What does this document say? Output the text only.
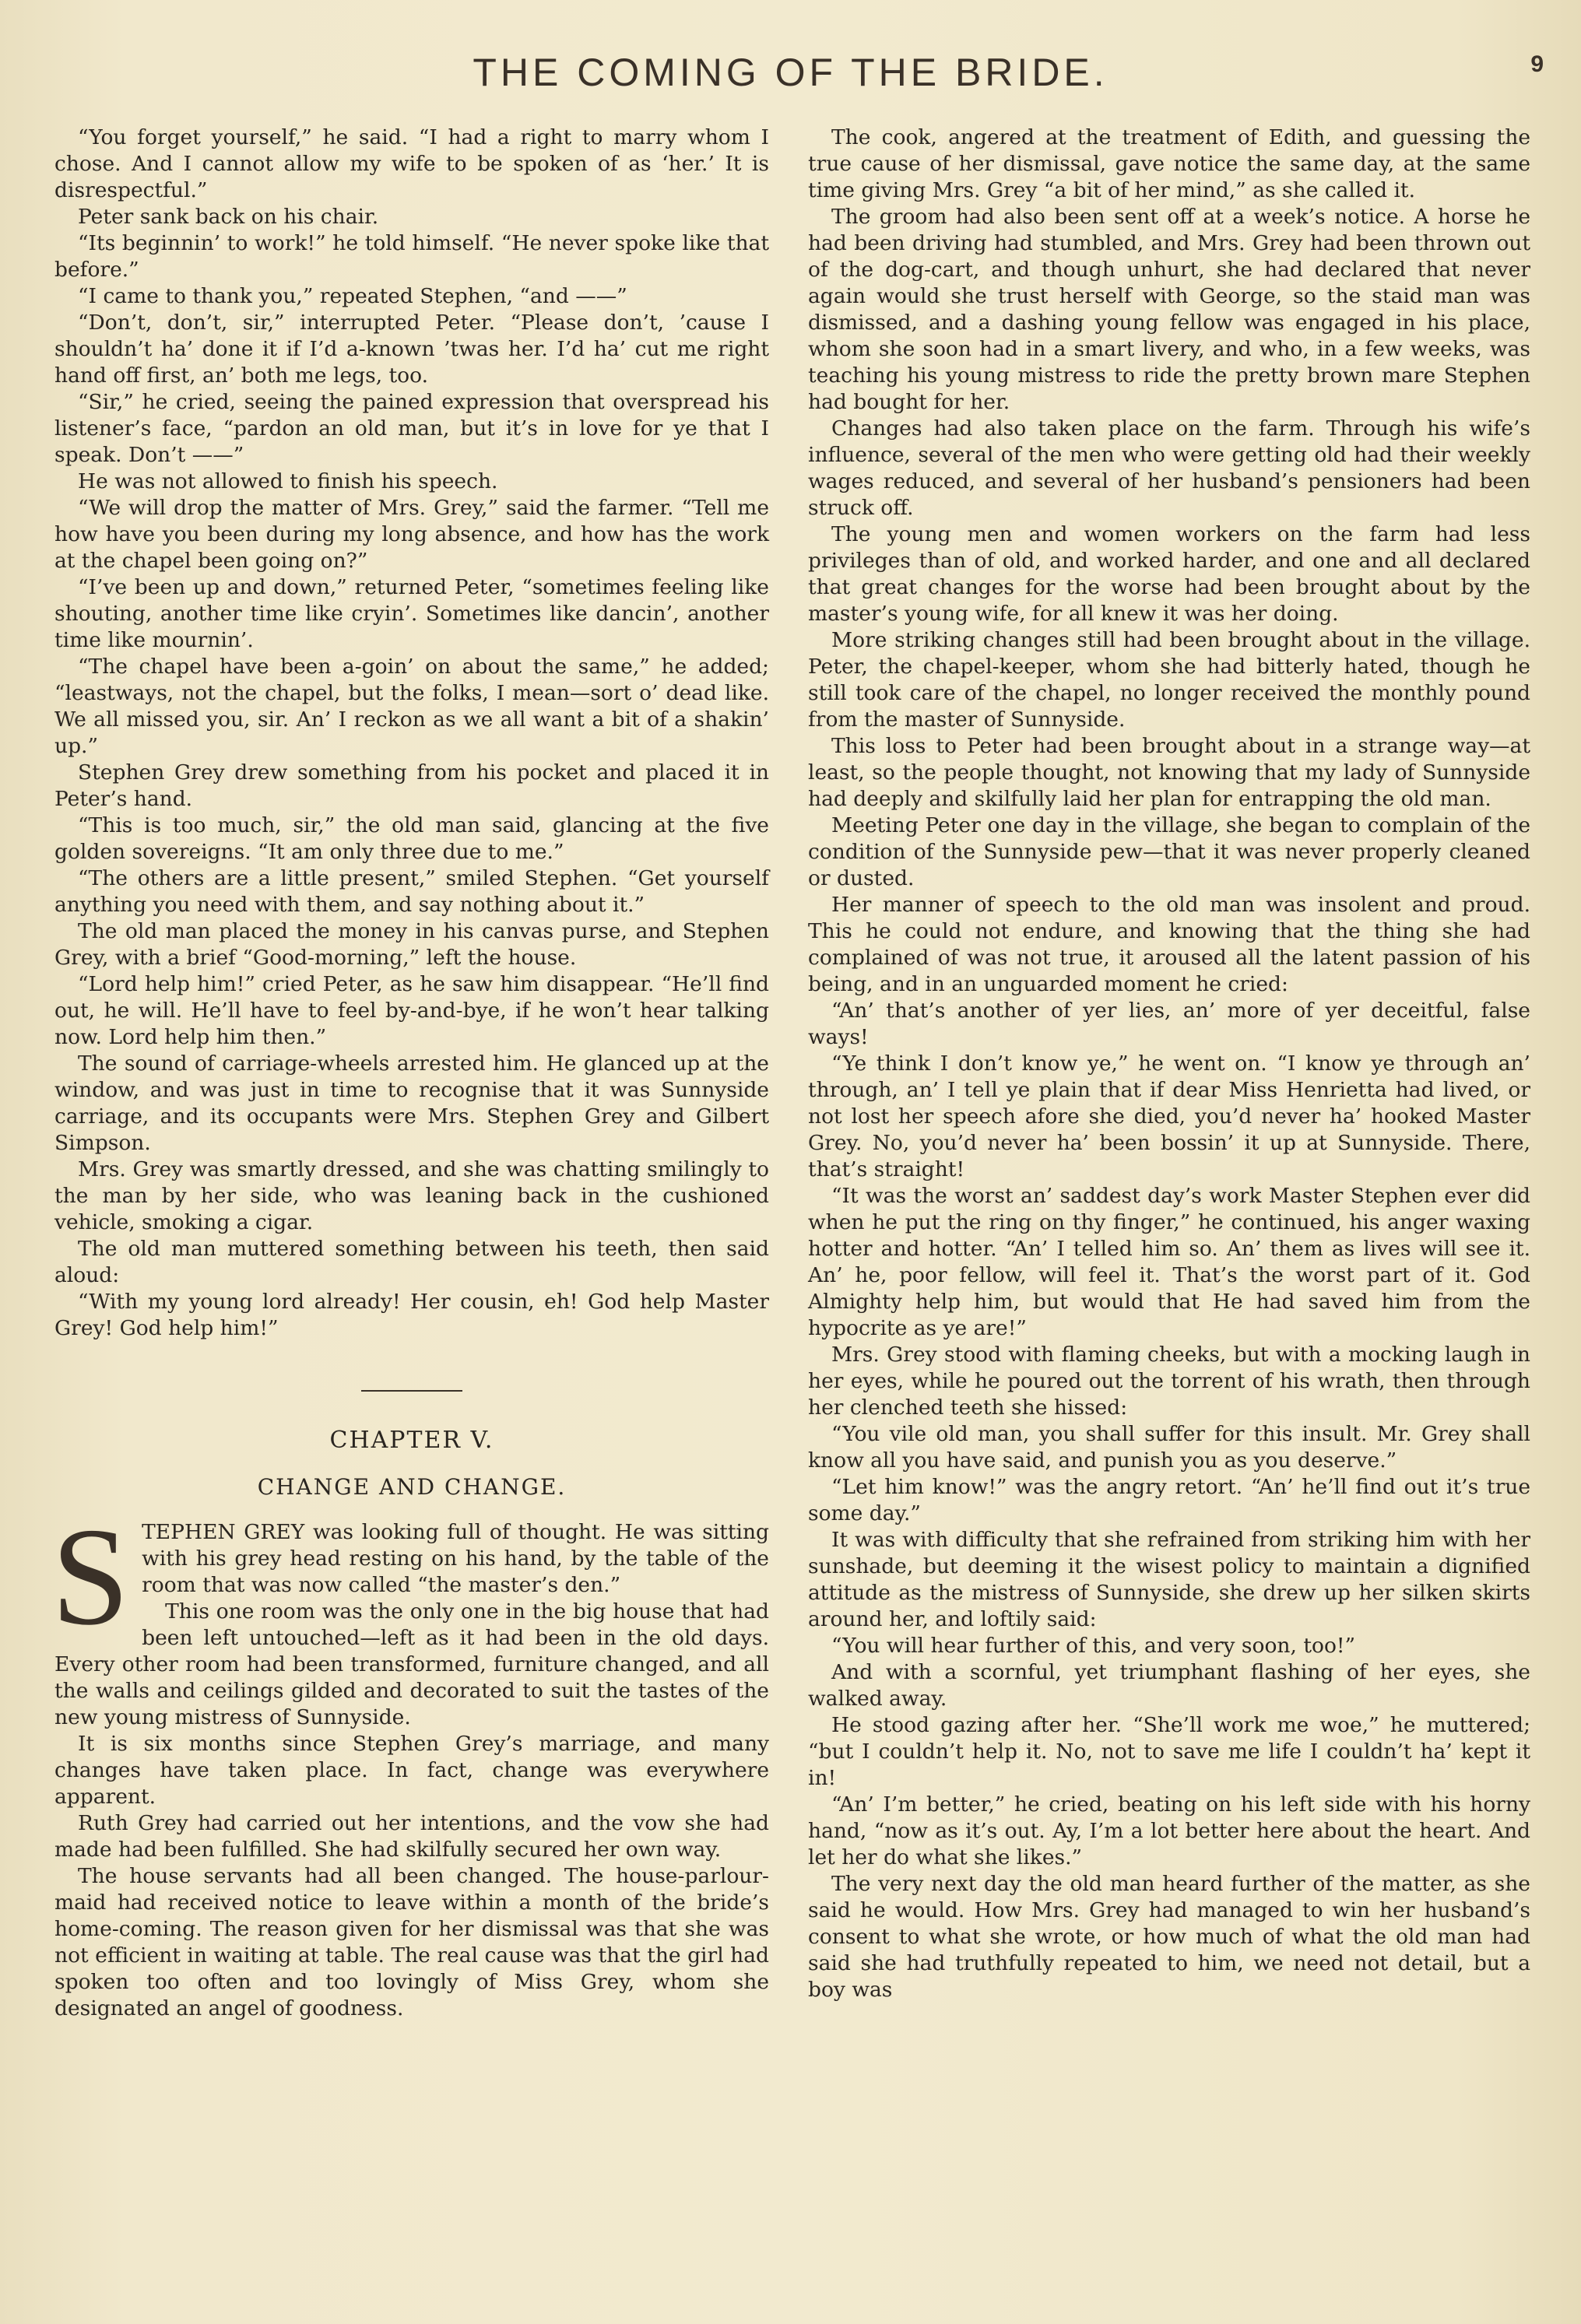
THE COMING OF THE BRIDE.	9

“You forget yourself,” he said. “I had a right to marry whom I chose. And I cannot allow my wife to be spoken of as ‘her.’ It is disrespectful.”

Peter sank back on his chair.

“Its beginnin’ to work!” he told himself. “He never spoke like that before.”

“I came to thank you,” repeated Stephen, “and ——”

“Don’t, don’t, sir,” interrupted Peter. “Please don’t, ’cause I shouldn’t ha’ done it if I’d a-known ’twas her. I’d ha’ cut me right hand off first, an’ both me legs, too.

“Sir,” he cried, seeing the pained expression that overspread his listener’s face, “pardon an old man, but it’s in love for ye that I speak. Don’t ——”

He was not allowed to finish his speech.

“We will drop the matter of Mrs. Grey,” said the farmer. “Tell me how have you been during my long absence, and how has the work at the chapel been going on?”

“I’ve been up and down,” returned Peter, “sometimes feeling like shouting, another time like cryin’. Sometimes like dancin’, another time like mournin’.

“The chapel have been a-goin’ on about the same,” he added; “leastways, not the chapel, but the folks, I mean—sort o’ dead like. We all missed you, sir. An’ I reckon as we all want a bit of a shakin’ up.”

Stephen Grey drew something from his pocket and placed it in Peter’s hand.

“This is too much, sir,” the old man said, glancing at the five golden sovereigns. “It am only three due to me.”

“The others are a little present,” smiled Stephen. “Get yourself anything you need with them, and say nothing about it.”

The old man placed the money in his canvas purse, and Stephen Grey, with a brief “Good-morning,” left the house.

“Lord help him!” cried Peter, as he saw him disappear. “He’ll find out, he will. He’ll have to feel by-and-bye, if he won’t hear talking now. Lord help him then.”

The sound of carriage-wheels arrested him. He glanced up at the window, and was just in time to recognise that it was Sunnyside carriage, and its occupants were Mrs. Stephen Grey and Gilbert Simpson.

Mrs. Grey was smartly dressed, and she was chatting smilingly to the man by her side, who was leaning back in the cushioned vehicle, smoking a cigar.

The old man muttered something between his teeth, then said aloud:

“With my young lord already! Her cousin, eh! God help Master Grey! God help him!”

CHAPTER V.
CHANGE AND CHANGE.

STEPHEN GREY was looking full of thought. He was sitting with his grey head resting on his hand, by the table of the room that was now called “the master’s den.”

This one room was the only one in the big house that had been left untouched—left as it had been in the old days. Every other room had been transformed, furniture changed, and all the walls and ceilings gilded and decorated to suit the tastes of the new young mistress of Sunnyside.

It is six months since Stephen Grey’s marriage, and many changes have taken place. In fact, change was everywhere apparent.

Ruth Grey had carried out her intentions, and the vow she had made had been fulfilled. She had skilfully secured her own way.

The house servants had all been changed. The house-parlour-maid had received notice to leave within a month of the bride’s home-coming. The reason given for her dismissal was that she was not efficient in waiting at table. The real cause was that the girl had spoken too often and too lovingly of Miss Grey, whom she designated an angel of goodness.

The cook, angered at the treatment of Edith, and guessing the true cause of her dismissal, gave notice the same day, at the same time giving Mrs. Grey “a bit of her mind,” as she called it.

The groom had also been sent off at a week’s notice. A horse he had been driving had stumbled, and Mrs. Grey had been thrown out of the dog-cart, and though unhurt, she had declared that never again would she trust herself with George, so the staid man was dismissed, and a dashing young fellow was engaged in his place, whom she soon had in a smart livery, and who, in a few weeks, was teaching his young mistress to ride the pretty brown mare Stephen had bought for her.

Changes had also taken place on the farm. Through his wife’s influence, several of the men who were getting old had their weekly wages reduced, and several of her husband’s pensioners had been struck off.

The young men and women workers on the farm had less privileges than of old, and worked harder, and one and all declared that great changes for the worse had been brought about by the master’s young wife, for all knew it was her doing.

More striking changes still had been brought about in the village. Peter, the chapel-keeper, whom she had bitterly hated, though he still took care of the chapel, no longer received the monthly pound from the master of Sunnyside.

This loss to Peter had been brought about in a strange way—at least, so the people thought, not knowing that my lady of Sunnyside had deeply and skilfully laid her plan for entrapping the old man.

Meeting Peter one day in the village, she began to complain of the condition of the Sunnyside pew—that it was never properly cleaned or dusted.

Her manner of speech to the old man was insolent and proud. This he could not endure, and knowing that the thing she had complained of was not true, it aroused all the latent passion of his being, and in an unguarded moment he cried:

“An’ that’s another of yer lies, an’ more of yer deceitful, false ways!

“Ye think I don’t know ye,” he went on. “I know ye through an’ through, an’ I tell ye plain that if dear Miss Henrietta had lived, or not lost her speech afore she died, you’d never ha’ hooked Master Grey. No, you’d never ha’ been bossin’ it up at Sunnyside. There, that’s straight!

“It was the worst an’ saddest day’s work Master Stephen ever did when he put the ring on thy finger,” he continued, his anger waxing hotter and hotter. “An’ I telled him so. An’ them as lives will see it. An’ he, poor fellow, will feel it. That’s the worst part of it. God Almighty help him, but would that He had saved him from the hypocrite as ye are!”

Mrs. Grey stood with flaming cheeks, but with a mocking laugh in her eyes, while he poured out the torrent of his wrath, then through her clenched teeth she hissed:

“You vile old man, you shall suffer for this insult. Mr. Grey shall know all you have said, and punish you as you deserve.”

“Let him know!” was the angry retort. “An’ he’ll find out it’s true some day.”

It was with difficulty that she refrained from striking him with her sunshade, but deeming it the wisest policy to maintain a dignified attitude as the mistress of Sunnyside, she drew up her silken skirts around her, and loftily said:

“You will hear further of this, and very soon, too!”

And with a scornful, yet triumphant flashing of her eyes, she walked away.

He stood gazing after her. “She’ll work me woe,” he muttered; “but I couldn’t help it. No, not to save me life I couldn’t ha’ kept it in!

“An’ I’m better,” he cried, beating on his left side with his horny hand, “now as it’s out. Ay, I’m a lot better here about the heart. And let her do what she likes.”

The very next day the old man heard further of the matter, as she said he would. How Mrs. Grey had managed to win her husband’s consent to what she wrote, or how much of what the old man had said she had truthfully repeated to him, we need not detail, but a boy was
